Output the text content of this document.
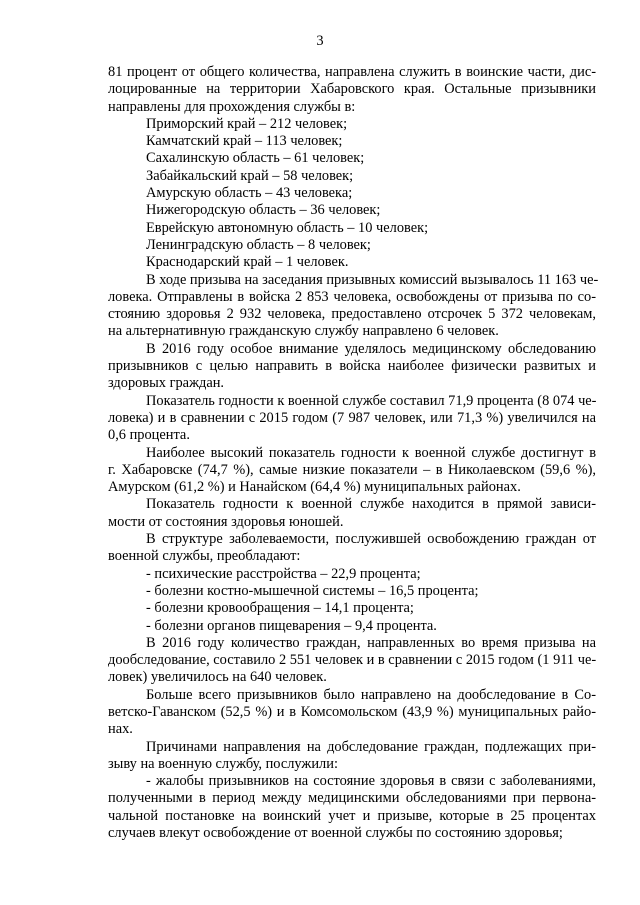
3
81 процент от общего количества, направлена служить в воинские части, дис-
лоцированные на территории Хабаровского края. Остальные призывники
направлены для прохождения службы в:
Приморский край – 212 человек;
Камчатский край – 113 человек;
Сахалинскую область – 61 человек;
Забайкальский край – 58 человек;
Амурскую область – 43 человека;
Нижегородскую область – 36 человек;
Еврейскую автономную область – 10 человек;
Ленинградскую область – 8 человек;
Краснодарский край – 1 человек.
В ходе призыва на заседания призывных комиссий вызывалось 11 163 че-
ловека. Отправлены в войска 2 853 человека, освобождены от призыва по со-
стоянию здоровья 2 932 человека, предоставлено отсрочек 5 372 человекам,
на альтернативную гражданскую службу направлено 6 человек.
В 2016 году особое внимание уделялось медицинскому обследованию
призывников с целью направить в войска наиболее физически развитых и
здоровых граждан.
Показатель годности к военной службе составил 71,9 процента (8 074 че-
ловека) и в сравнении с 2015 годом (7 987 человек, или 71,3 %) увеличился на
0,6 процента.
Наиболее высокий показатель годности к военной службе достигнут в
г. Хабаровске (74,7 %), самые низкие показатели – в Николаевском (59,6 %),
Амурском (61,2 %) и Нанайском (64,4 %) муниципальных районах.
Показатель годности к военной службе находится в прямой зависи-
мости от состояния здоровья юношей.
В структуре заболеваемости, послужившей освобождению граждан от
военной службы, преобладают:
- психические расстройства – 22,9 процента;
- болезни костно-мышечной системы – 16,5 процента;
- болезни кровообращения – 14,1 процента;
- болезни органов пищеварения – 9,4 процента.
В 2016 году количество граждан, направленных во время призыва на
дообследование, составило 2 551 человек и в сравнении с 2015 годом (1 911 че-
ловек) увеличилось на 640 человек.
Больше всего призывников было направлено на дообследование в Со-
ветско-Гаванском (52,5 %) и в Комсомольском (43,9 %) муниципальных райо-
нах.
Причинами направления на добследование граждан, подлежащих при-
зыву на военную службу, послужили:
- жалобы призывников на состояние здоровья в связи с заболеваниями,
полученными в период между медицинскими обследованиями при первона-
чальной постановке на воинский учет и призыве, которые в 25 процентах
случаев влекут освобождение от военной службы по состоянию здоровья;
